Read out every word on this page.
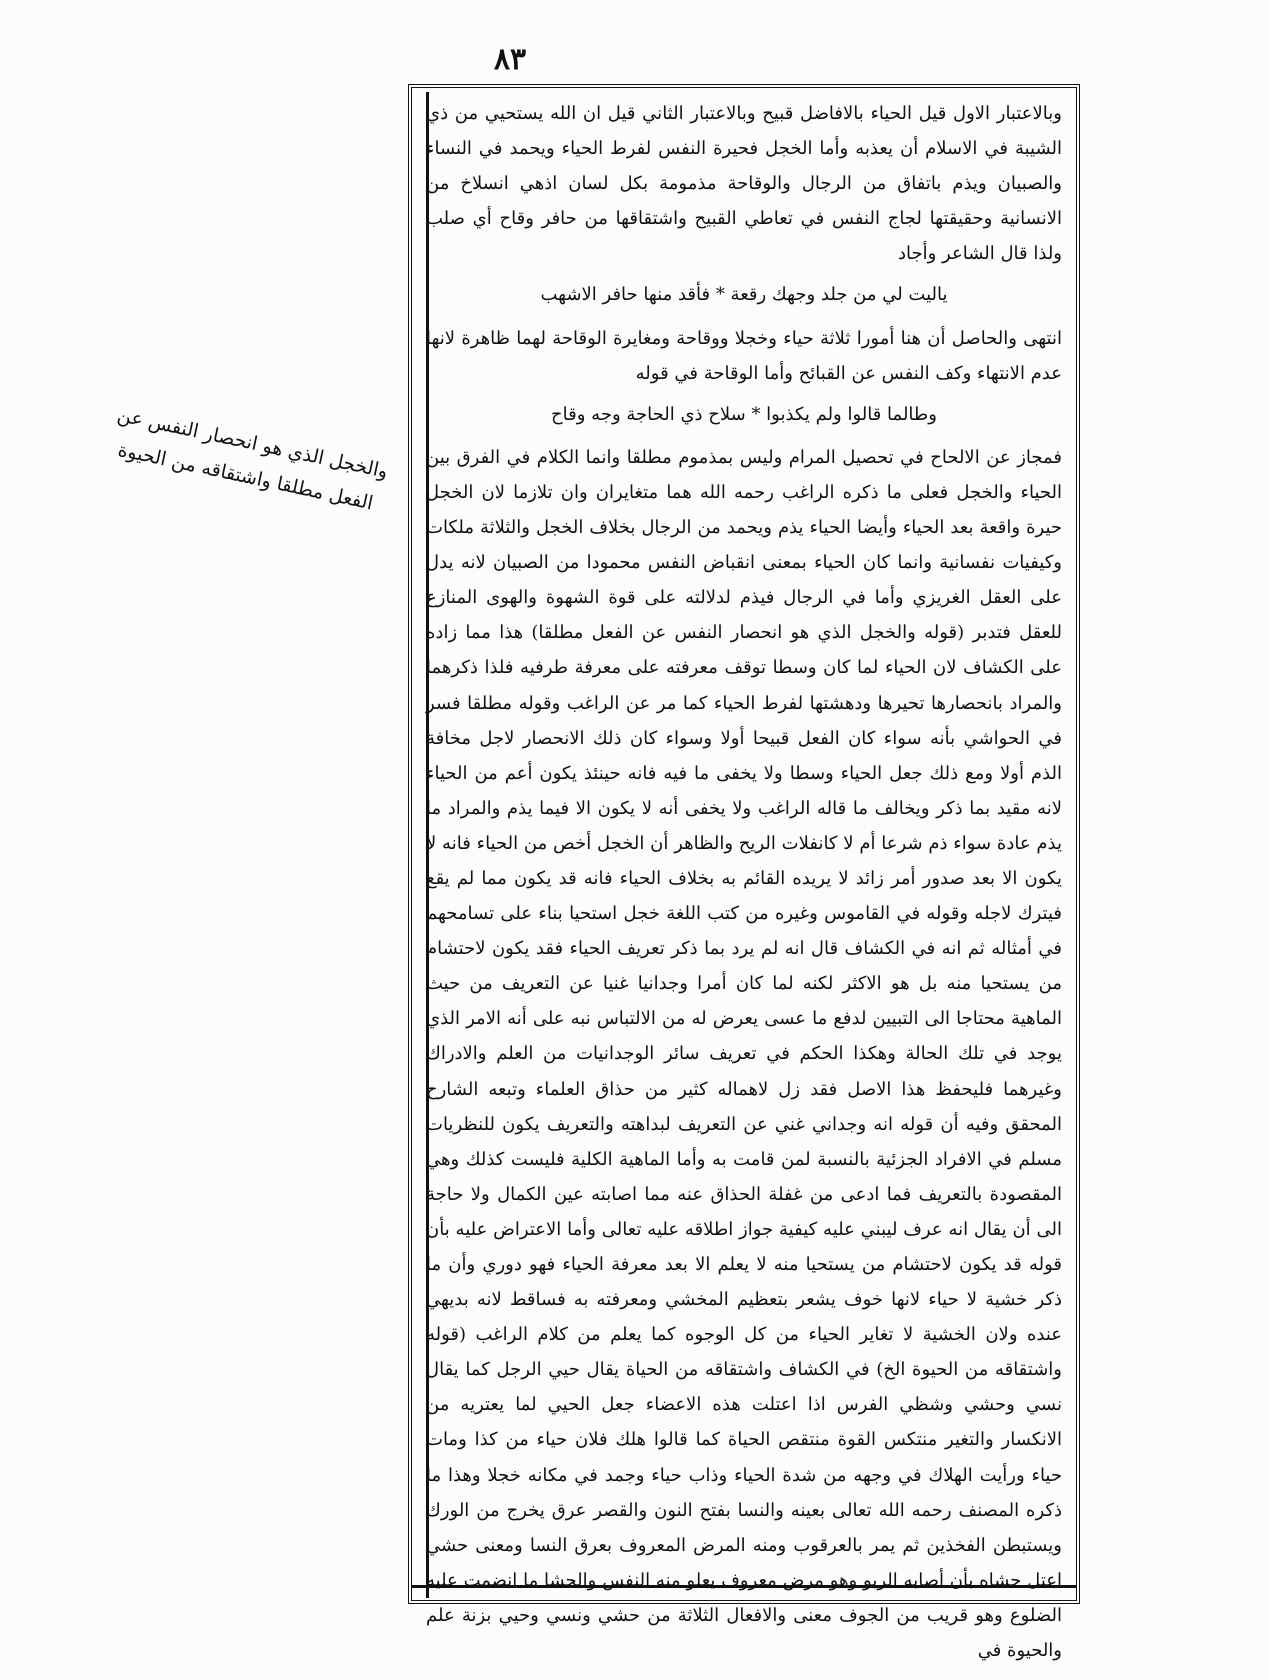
٨٣
والخجل الذي هو انحصار النفس عن الفعل مطلقا واشتقاقه من الحيوة

وبالاعتبار الاول قيل الحياء بالافاضل قبيح وبالاعتبار الثاني قيل ان الله يستحيي من ذي الشيبة في الاسلام أن يعذبه وأما الخجل فحيرة النفس لفرط الحياء ويحمد في النساء والصبيان ويذم باتفاق من الرجال والوقاحة مذمومة بكل لسان اذهي انسلاخ من الانسانية وحقيقتها لجاج النفس في تعاطي القبيح واشتقاقها من حافر وقاح أي صلب ولذا قال الشاعر وأجاد

ياليت لي من جلد وجهك رقعة * فأقد منها حافر الاشهب

انتهى والحاصل أن هنا أمورا ثلاثة حياء وخجلا ووقاحة ومغايرة الوقاحة لهما ظاهرة لانها عدم الانتهاء وكف النفس عن القبائح وأما الوقاحة في قوله

وطالما قالوا ولم يكذبوا * سلاح ذي الحاجة وجه وقاح

فمجاز عن الالحاح في تحصيل المرام وليس بمذموم مطلقا وانما الكلام في الفرق بين الحياء والخجل فعلى ما ذكره الراغب رحمه الله هما متغايران وان تلازما لان الخجل حيرة واقعة بعد الحياء وأيضا الحياء يذم ويحمد من الرجال بخلاف الخجل والثلاثة ملكات وكيفيات نفسانية وانما كان الحياء بمعنى انقباض النفس محمودا من الصبيان لانه يدل على العقل الغريزي وأما في الرجال فيذم لدلالته على قوة الشهوة والهوى المنازع للعقل فتدبر (قوله والخجل الذي هو انحصار النفس عن الفعل مطلقا) هذا مما زاده على الكشاف لان الحياء لما كان وسطا توقف معرفته على معرفة طرفيه فلذا ذكرهما والمراد بانحصارها تحيرها ودهشتها لفرط الحياء كما مر عن الراغب وقوله مطلقا فسر في الحواشي بأنه سواء كان الفعل قبيحا أولا وسواء كان ذلك الانحصار لاجل مخافة الذم أولا ومع ذلك جعل الحياء وسطا ولا يخفى ما فيه فانه حينئذ يكون أعم من الحياء لانه مقيد بما ذكر ويخالف ما قاله الراغب ولا يخفى أنه لا يكون الا فيما يذم والمراد ما يذم عادة سواء ذم شرعا أم لا كانفلات الريح والظاهر أن الخجل أخص من الحياء فانه لا يكون الا بعد صدور أمر زائد لا يريده القائم به بخلاف الحياء فانه قد يكون مما لم يقع فيترك لاجله وقوله في القاموس وغيره من كتب اللغة خجل استحيا بناء على تسامحهم في أمثاله ثم انه في الكشاف قال انه لم يرد بما ذكر تعريف الحياء فقد يكون لاحتشام من يستحيا منه بل هو الاكثر لكنه لما كان أمرا وجدانيا غنيا عن التعريف من حيث الماهية محتاجا الى التبيين لدفع ما عسى يعرض له من الالتباس نبه على أنه الامر الذي يوجد في تلك الحالة وهكذا الحكم في تعريف سائر الوجدانيات من العلم والادراك وغيرهما فليحفظ هذا الاصل فقد زل لاهماله كثير من حذاق العلماء وتبعه الشارح المحقق وفيه أن قوله انه وجداني غني عن التعريف لبداهته والتعريف يكون للنظريات مسلم في الافراد الجزئية بالنسبة لمن قامت به وأما الماهية الكلية فليست كذلك وهي المقصودة بالتعريف فما ادعى من غفلة الحذاق عنه مما اصابته عين الكمال ولا حاجة الى أن يقال انه عرف ليبني عليه كيفية جواز اطلاقه عليه تعالى وأما الاعتراض عليه بأن قوله قد يكون لاحتشام من يستحيا منه لا يعلم الا بعد معرفة الحياء فهو دوري وأن ما ذكر خشية لا حياء لانها خوف يشعر بتعظيم المخشي ومعرفته به فساقط لانه بديهي عنده ولان الخشية لا تغاير الحياء من كل الوجوه كما يعلم من كلام الراغب (قوله واشتقاقه من الحيوة الخ) في الكشاف واشتقاقه من الحياة يقال حيي الرجل كما يقال نسي وحشي وشظي الفرس اذا اعتلت هذه الاعضاء جعل الحيي لما يعتريه من الانكسار والتغير منتكس القوة منتقص الحياة كما قالوا هلك فلان حياء من كذا ومات حياء ورأيت الهلاك في وجهه من شدة الحياء وذاب حياء وجمد في مكانه خجلا وهذا ما ذكره المصنف رحمه الله تعالى بعينه والنسا بفتح النون والقصر عرق يخرج من الورك ويستبطن الفخذين ثم يمر بالعرقوب ومنه المرض المعروف بعرق النسا ومعنى حشي اعتل حشاه بأن أصابه الربو وهو مرض معروف يعلو منه النفس والحشا ما انضمت عليه الضلوع وهو قريب من الجوف معنى والافعال الثلاثة من حشي ونسي وحيي بزنة علم والحيوة في
